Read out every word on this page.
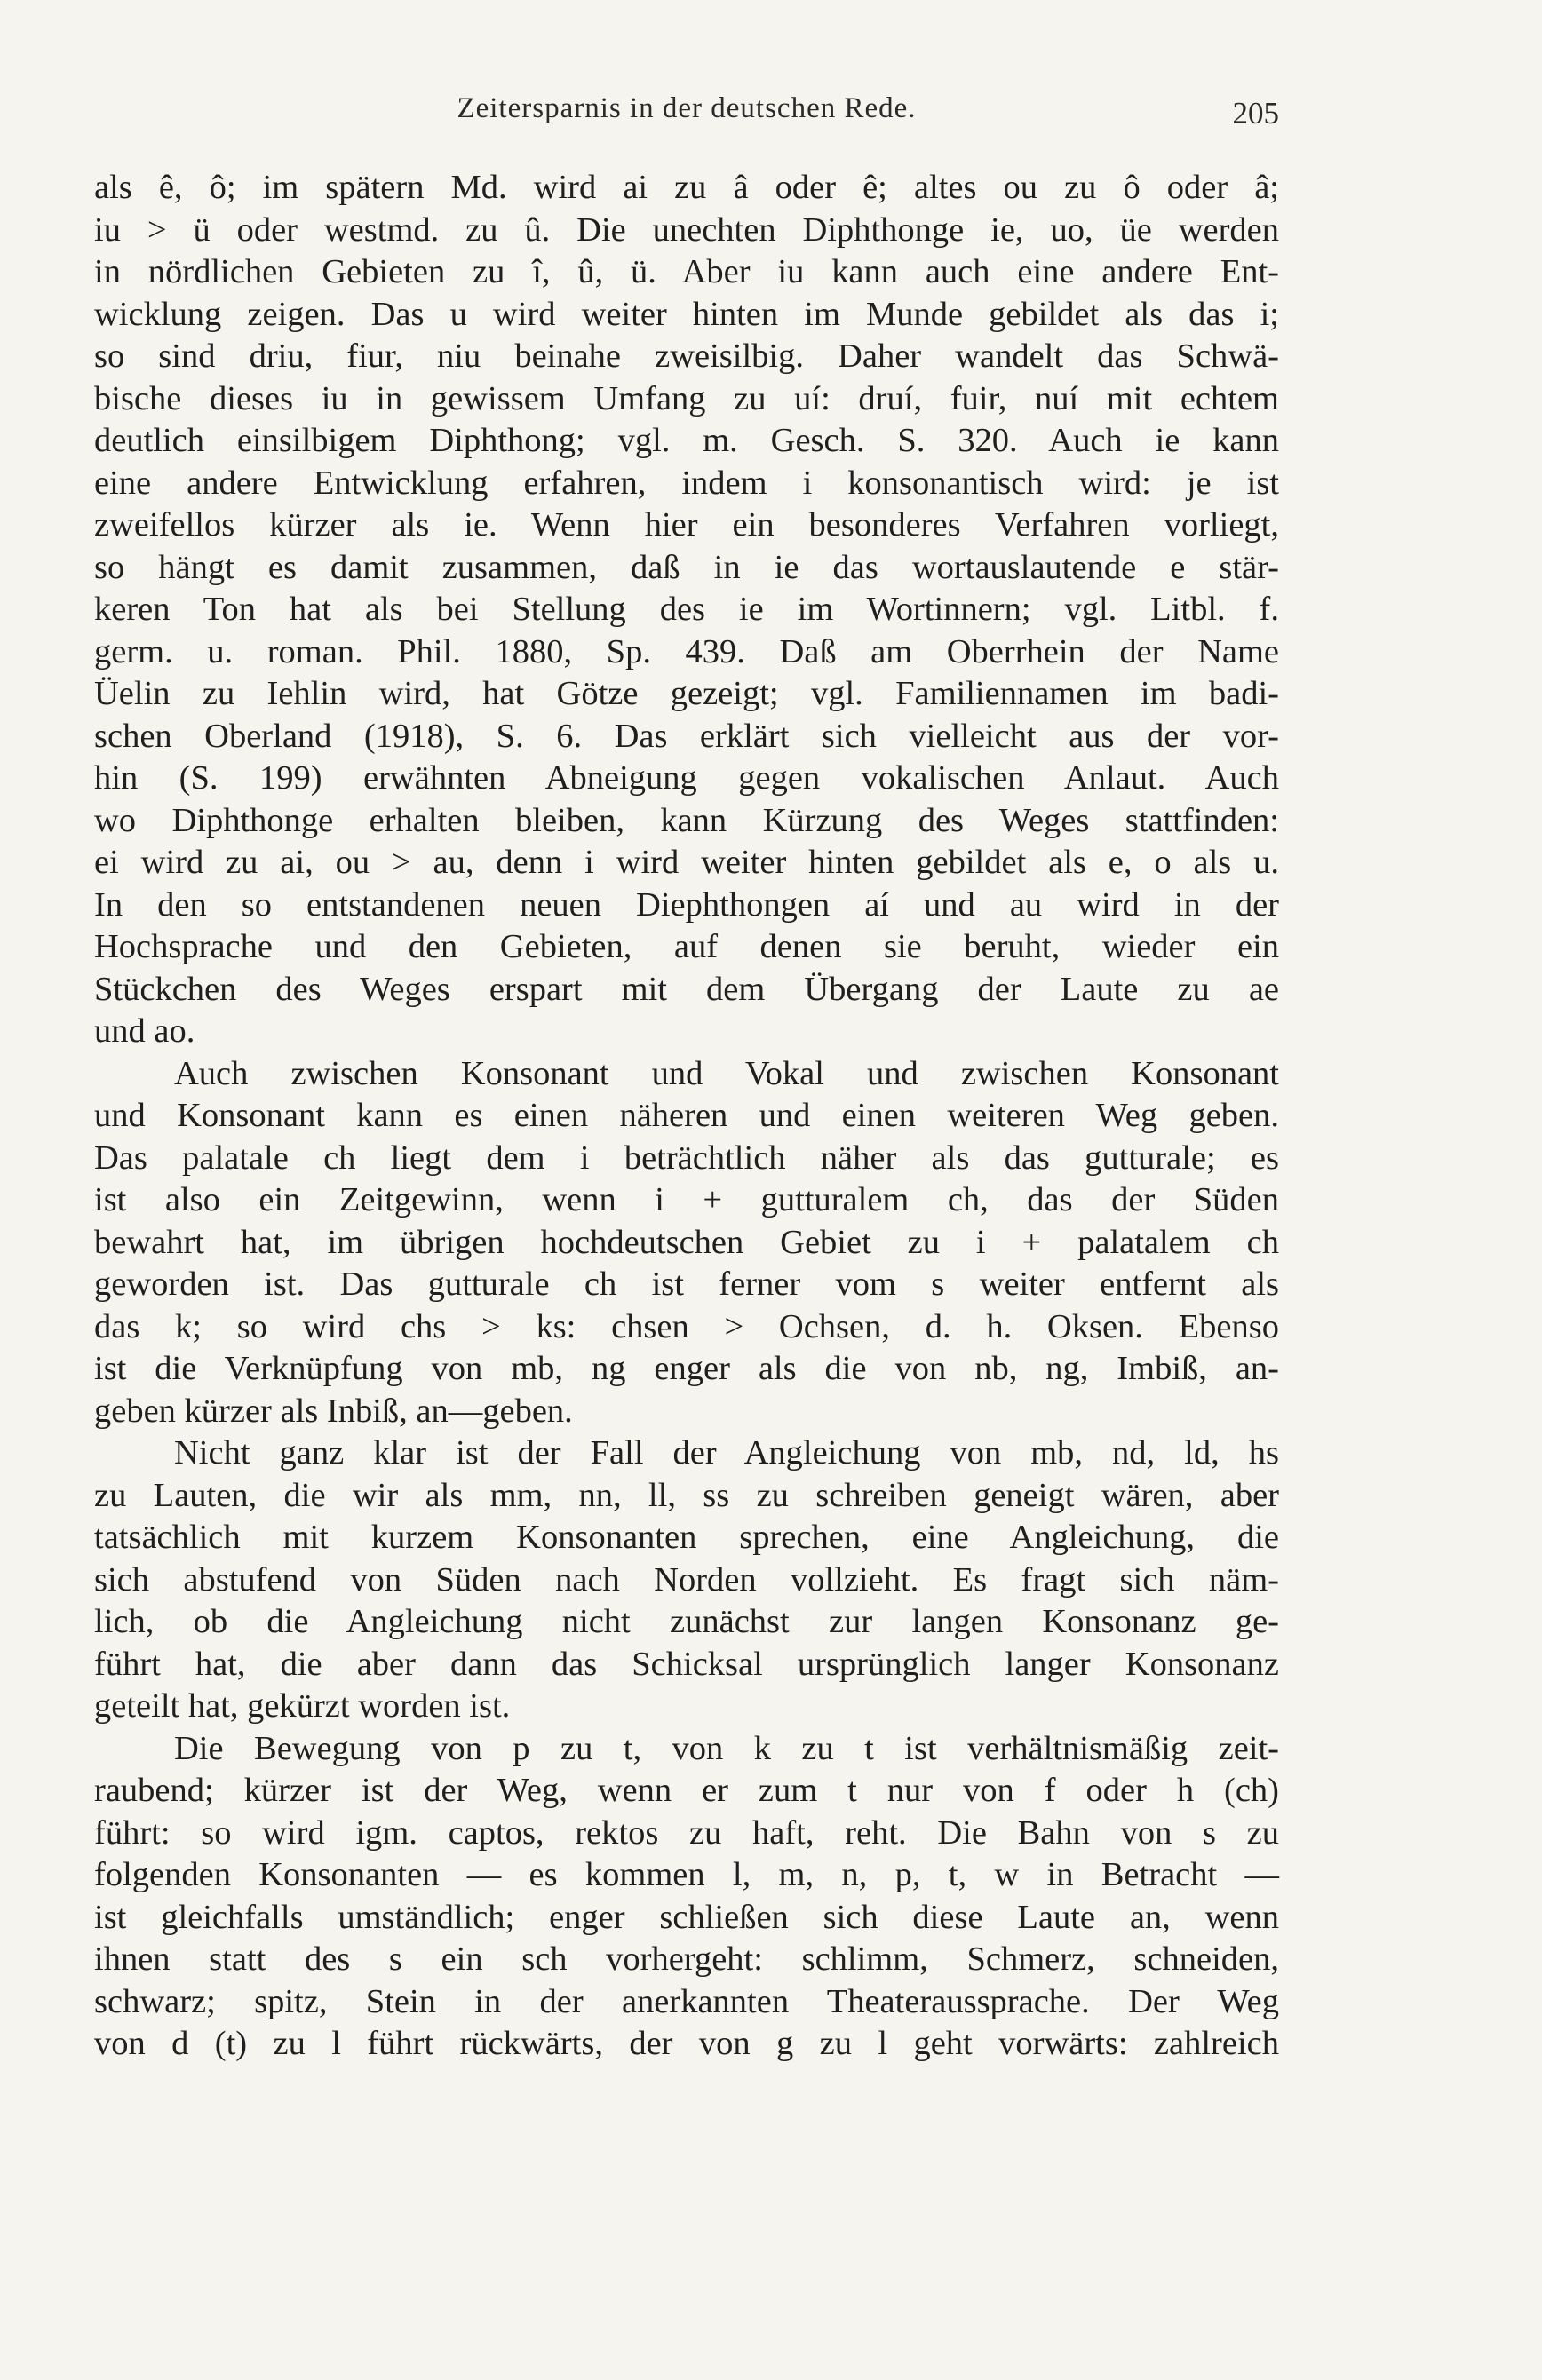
Zeitersparnis in der deutschen Rede.	205
als ê, ô; im spätern Md. wird ai zu â oder ê; altes ou zu ô oder â;
iu > ü oder westmd. zu û. Die unechten Diphthonge ie, uo, üe werden
in nördlichen Gebieten zu î, û, ü. Aber iu kann auch eine andere Ent-
wicklung zeigen. Das u wird weiter hinten im Munde gebildet als das i;
so sind driu, fiur, niu beinahe zweisilbig. Daher wandelt das Schwä-
bische dieses iu in gewissem Umfang zu uí: druí, fuir, nuí mit echtem
deutlich einsilbigem Diphthong; vgl. m. Gesch. S. 320. Auch ie kann
eine andere Entwicklung erfahren, indem i konsonantisch wird: je ist
zweifellos kürzer als ie. Wenn hier ein besonderes Verfahren vorliegt,
so hängt es damit zusammen, daß in ie das wortauslautende e stär-
keren Ton hat als bei Stellung des ie im Wortinnern; vgl. Litbl. f.
germ. u. roman. Phil. 1880, Sp. 439. Daß am Oberrhein der Name
Üelin zu Iehlin wird, hat Götze gezeigt; vgl. Familiennamen im badi-
schen Oberland (1918), S. 6. Das erklärt sich vielleicht aus der vor-
hin (S. 199) erwähnten Abneigung gegen vokalischen Anlaut. Auch
wo Diphthonge erhalten bleiben, kann Kürzung des Weges stattfinden:
ei wird zu ai, ou > au, denn i wird weiter hinten gebildet als e, o als u.
In den so entstandenen neuen Diephthongen aí und au wird in der
Hochsprache und den Gebieten, auf denen sie beruht, wieder ein
Stückchen des Weges erspart mit dem Übergang der Laute zu ae
und ao.
Auch zwischen Konsonant und Vokal und zwischen Konsonant
und Konsonant kann es einen näheren und einen weiteren Weg geben.
Das palatale ch liegt dem i beträchtlich näher als das gutturale; es
ist also ein Zeitgewinn, wenn i + gutturalem ch, das der Süden
bewahrt hat, im übrigen hochdeutschen Gebiet zu i + palatalem ch
geworden ist. Das gutturale ch ist ferner vom s weiter entfernt als
das k; so wird chs > ks: chsen > Ochsen, d. h. Oksen. Ebenso
ist die Verknüpfung von mb, ng enger als die von nb, ng, Imbiß, an-
geben kürzer als Inbiß, an—geben.
Nicht ganz klar ist der Fall der Angleichung von mb, nd, ld, hs
zu Lauten, die wir als mm, nn, ll, ss zu schreiben geneigt wären, aber
tatsächlich mit kurzem Konsonanten sprechen, eine Angleichung, die
sich abstufend von Süden nach Norden vollzieht. Es fragt sich näm-
lich, ob die Angleichung nicht zunächst zur langen Konsonanz ge-
führt hat, die aber dann das Schicksal ursprünglich langer Konsonanz
geteilt hat, gekürzt worden ist.
Die Bewegung von p zu t, von k zu t ist verhältnismäßig zeit-
raubend; kürzer ist der Weg, wenn er zum t nur von f oder h (ch)
führt: so wird igm. captos, rektos zu haft, reht. Die Bahn von s zu
folgenden Konsonanten — es kommen l, m, n, p, t, w in Betracht —
ist gleichfalls umständlich; enger schließen sich diese Laute an, wenn
ihnen statt des s ein sch vorhergeht: schlimm, Schmerz, schneiden,
schwarz; spitz, Stein in der anerkannten Theateraussprache. Der Weg
von d (t) zu l führt rückwärts, der von g zu l geht vorwärts: zahlreich
